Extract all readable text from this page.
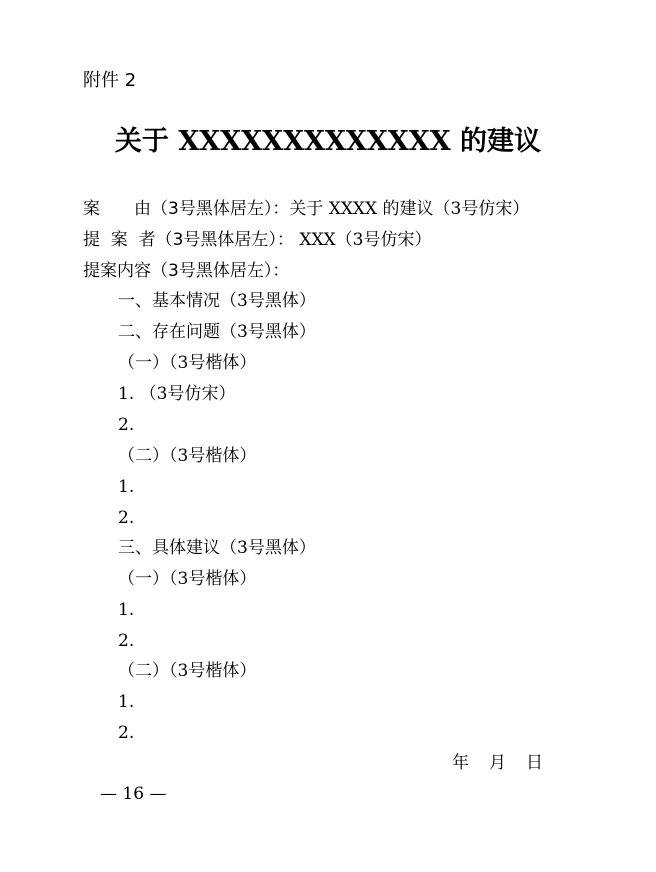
附件 2
关于 XXXXXXXXXXXXX 的建议
案　　由（3号黑体居左）：关于 XXXX 的建议（3号仿宋）
提  案  者（3号黑体居左）： XXX（3号仿宋）
提案内容（3号黑体居左）：
一、基本情况（3号黑体）
二、存在问题（3号黑体）
（一）（3号楷体）
1. （3号仿宋）
2.
（二）（3号楷体）
1.
2.
三、具体建议（3号黑体）
（一）（3号楷体）
1.
2.
（二）（3号楷体）
1.
2.
年 月 日
— 16 —
